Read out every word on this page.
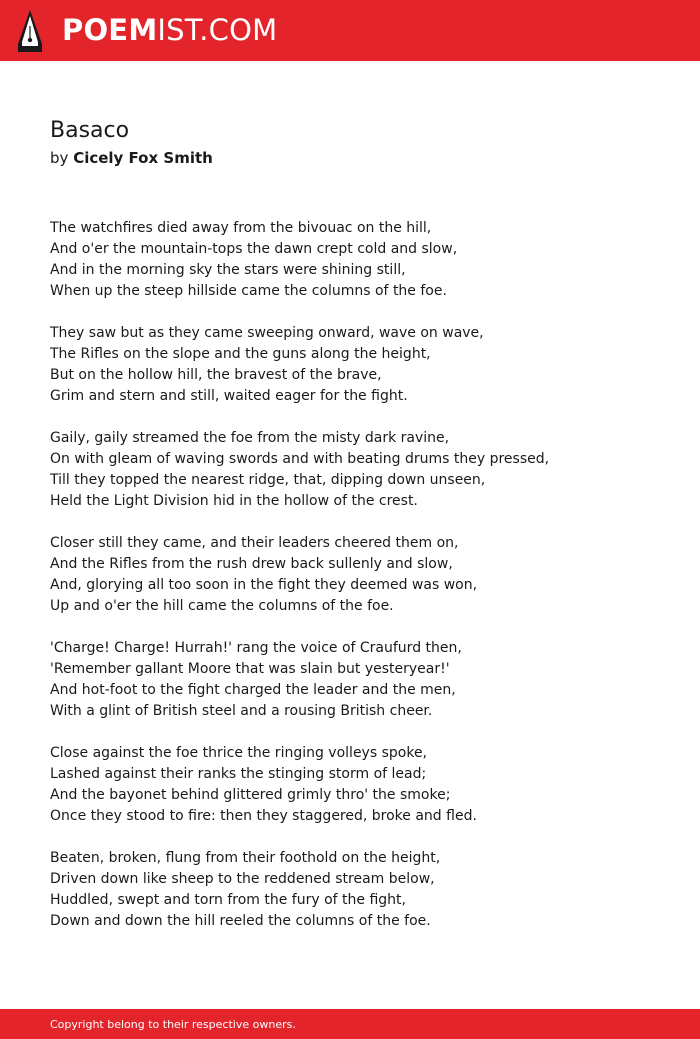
POEMIST.COM
Basaco

by Cicely Fox Smith

The watchfires died away from the bivouac on the hill,
And o'er the mountain-tops the dawn crept cold and slow,
And in the morning sky the stars were shining still,
When up the steep hillside came the columns of the foe.

They saw but as they came sweeping onward, wave on wave,
The Rifles on the slope and the guns along the height,
But on the hollow hill, the bravest of the brave,
Grim and stern and still, waited eager for the fight.

Gaily, gaily streamed the foe from the misty dark ravine,
On with gleam of waving swords and with beating drums they pressed,
Till they topped the nearest ridge, that, dipping down unseen,
Held the Light Division hid in the hollow of the crest.

Closer still they came, and their leaders cheered them on,
And the Rifles from the rush drew back sullenly and slow,
And, glorying all too soon in the fight they deemed was won,
Up and o'er the hill came the columns of the foe.

'Charge! Charge! Hurrah!' rang the voice of Craufurd then,
'Remember gallant Moore that was slain but yesteryear!'
And hot-foot to the fight charged the leader and the men,
With a glint of British steel and a rousing British cheer.

Close against the foe thrice the ringing volleys spoke,
Lashed against their ranks the stinging storm of lead;
And the bayonet behind glittered grimly thro' the smoke;
Once they stood to fire: then they staggered, broke and fled.

Beaten, broken, flung from their foothold on the height,
Driven down like sheep to the reddened stream below,
Huddled, swept and torn from the fury of the fight,
Down and down the hill reeled the columns of the foe.

Copyright belong to their respective owners.
